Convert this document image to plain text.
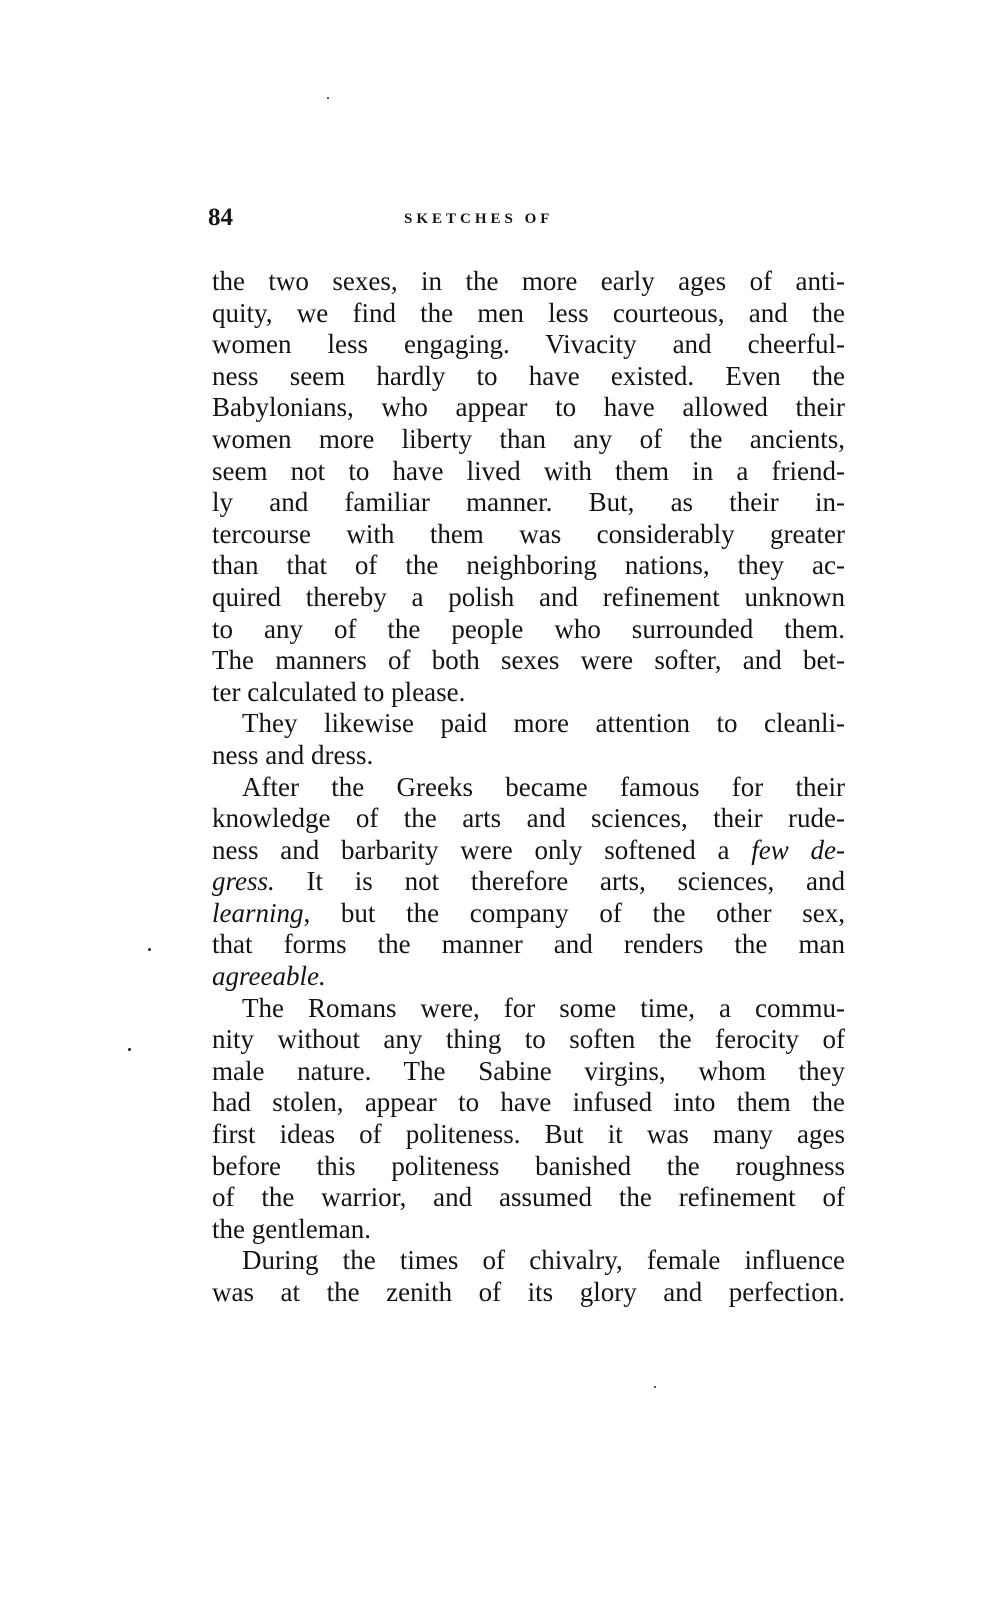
84	SKETCHES OF
the two sexes, in the more early ages of anti-
quity, we find the men less courteous, and the
women less engaging. Vivacity and cheerful-
ness seem hardly to have existed. Even the
Babylonians, who appear to have allowed their
women more liberty than any of the ancients,
seem not to have lived with them in a friend-
ly and familiar manner. But, as their in-
tercourse with them was considerably greater
than that of the neighboring nations, they ac-
quired thereby a polish and refinement unknown
to any of the people who surrounded them.
The manners of both sexes were softer, and bet-
ter calculated to please.
They likewise paid more attention to cleanli-
ness and dress.
After the Greeks became famous for their
knowledge of the arts and sciences, their rude-
ness and barbarity were only softened a few de-
gress. It is not therefore arts, sciences, and
learning, but the company of the other sex,
that forms the manner and renders the man
agreeable.
The Romans were, for some time, a commu-
nity without any thing to soften the ferocity of
male nature. The Sabine virgins, whom they
had stolen, appear to have infused into them the
first ideas of politeness. But it was many ages
before this politeness banished the roughness
of the warrior, and assumed the refinement of
the gentleman.
During the times of chivalry, female influence
was at the zenith of its glory and perfection.
